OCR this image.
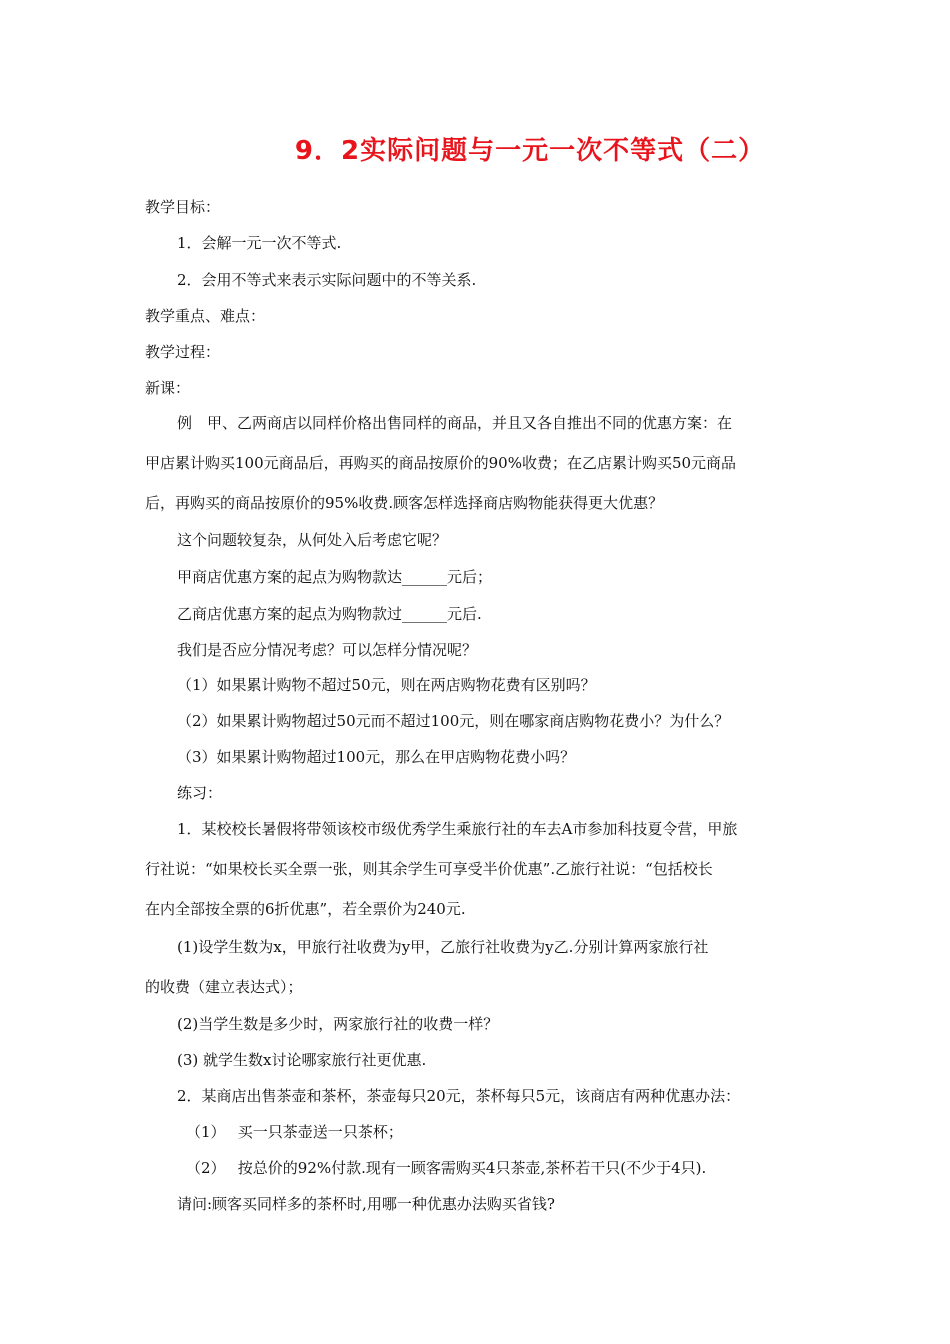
9．2实际问题与一元一次不等式（二）
教学目标：
1．会解一元一次不等式.
2．会用不等式来表示实际问题中的不等关系.
教学重点、难点：
教学过程：
新课：
例　甲、乙两商店以同样价格出售同样的商品，并且又各自推出不同的优惠方案：在
甲店累计购买100元商品后，再购买的商品按原价的90%收费；在乙店累计购买50元商品
后，再购买的商品按原价的95%收费.顾客怎样选择商店购物能获得更大优惠？
这个问题较复杂，从何处入后考虑它呢？
甲商店优惠方案的起点为购物款达______元后；
乙商店优惠方案的起点为购物款过______元后.
我们是否应分情况考虑？可以怎样分情况呢？
（1）如果累计购物不超过50元，则在两店购物花费有区别吗？
（2）如果累计购物超过50元而不超过100元，则在哪家商店购物花费小？为什么？
（3）如果累计购物超过100元，那么在甲店购物花费小吗？
练习：
1．某校校长暑假将带领该校市级优秀学生乘旅行社的车去A市参加科技夏令营，甲旅
行社说：“如果校长买全票一张，则其余学生可享受半价优惠”.乙旅行社说：“包括校长
在内全部按全票的6折优惠”，若全票价为240元.
(1)设学生数为x，甲旅行社收费为y甲，乙旅行社收费为y乙.分别计算两家旅行社
的收费（建立表达式）；
(2)当学生数是多少时，两家旅行社的收费一样？
(3) 就学生数x讨论哪家旅行社更优惠.
2．某商店出售茶壶和茶杯，茶壶每只20元，茶杯每只5元，该商店有两种优惠办法：
（1）　 买一只茶壶送一只茶杯；
（2）　 按总价的92%付款.现有一顾客需购买4只茶壶,茶杯若干只(不少于4只).
请问:顾客买同样多的茶杯时,用哪一种优惠办法购买省钱?
